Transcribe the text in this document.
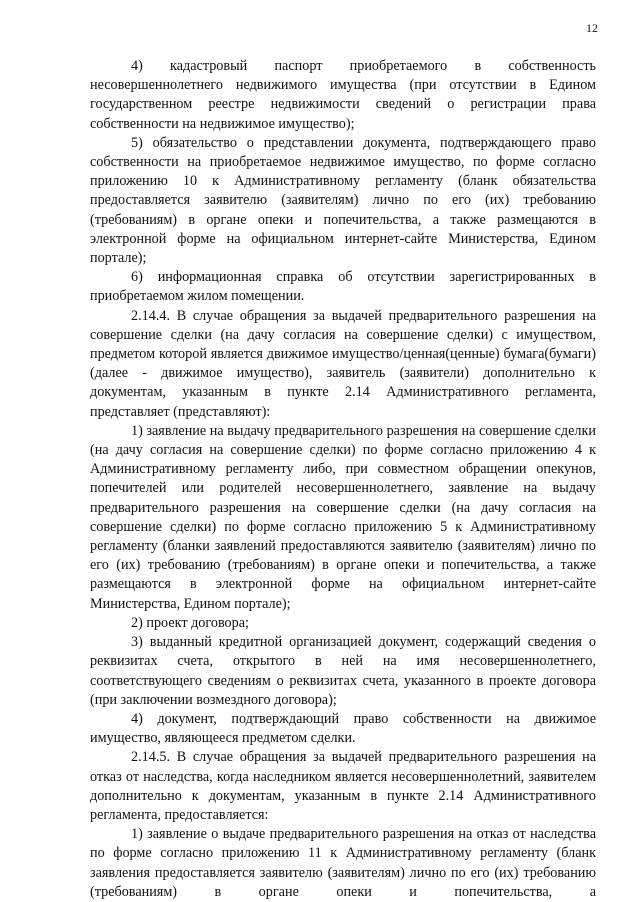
12

4) кадастровый паспорт приобретаемого в собственность несовершеннолетнего недвижимого имущества (при отсутствии в Едином государственном реестре недвижимости сведений о регистрации права собственности на недвижимое имущество);

5) обязательство о представлении документа, подтверждающего право собственности на приобретаемое недвижимое имущество, по форме согласно приложению 10 к Административному регламенту (бланк обязательства предоставляется заявителю (заявителям) лично по его (их) требованию (требованиям) в органе опеки и попечительства, а также размещаются в электронной форме на официальном интернет-сайте Министерства, Едином портале);

6) информационная справка об отсутствии зарегистрированных в приобретаемом жилом помещении.

2.14.4. В случае обращения за выдачей предварительного разрешения на совершение сделки (на дачу согласия на совершение сделки) с имуществом, предметом которой является движимое имущество/ценная(ценные) бумага(бумаги) (далее - движимое имущество), заявитель (заявители) дополнительно к документам, указанным в пункте 2.14 Административного регламента, представляет (представляют):

1) заявление на выдачу предварительного разрешения на совершение сделки (на дачу согласия на совершение сделки) по форме согласно приложению 4 к Административному регламенту либо, при совместном обращении опекунов, попечителей или родителей несовершеннолетнего, заявление на выдачу предварительного разрешения на совершение сделки (на дачу согласия на совершение сделки) по форме согласно приложению 5 к Административному регламенту (бланки заявлений предоставляются заявителю (заявителям) лично по его (их) требованию (требованиям) в органе опеки и попечительства, а также размещаются в электронной форме на официальном интернет-сайте Министерства, Едином портале);

2) проект договора;

3) выданный кредитной организацией документ, содержащий сведения о реквизитах счета, открытого в ней на имя несовершеннолетнего, соответствующего сведениям о реквизитах счета, указанного в проекте договора (при заключении возмездного договора);

4) документ, подтверждающий право собственности на движимое имущество, являющееся предметом сделки.

2.14.5. В случае обращения за выдачей предварительного разрешения на отказ от наследства, когда наследником является несовершеннолетний, заявителем дополнительно к документам, указанным в пункте 2.14 Административного регламента, предоставляется:

1) заявление о выдаче предварительного разрешения на отказ от наследства по форме согласно приложению 11 к Административному регламенту (бланк заявления предоставляется заявителю (заявителям) лично по его (их) требованию (требованиям) в органе опеки и попечительства, а
